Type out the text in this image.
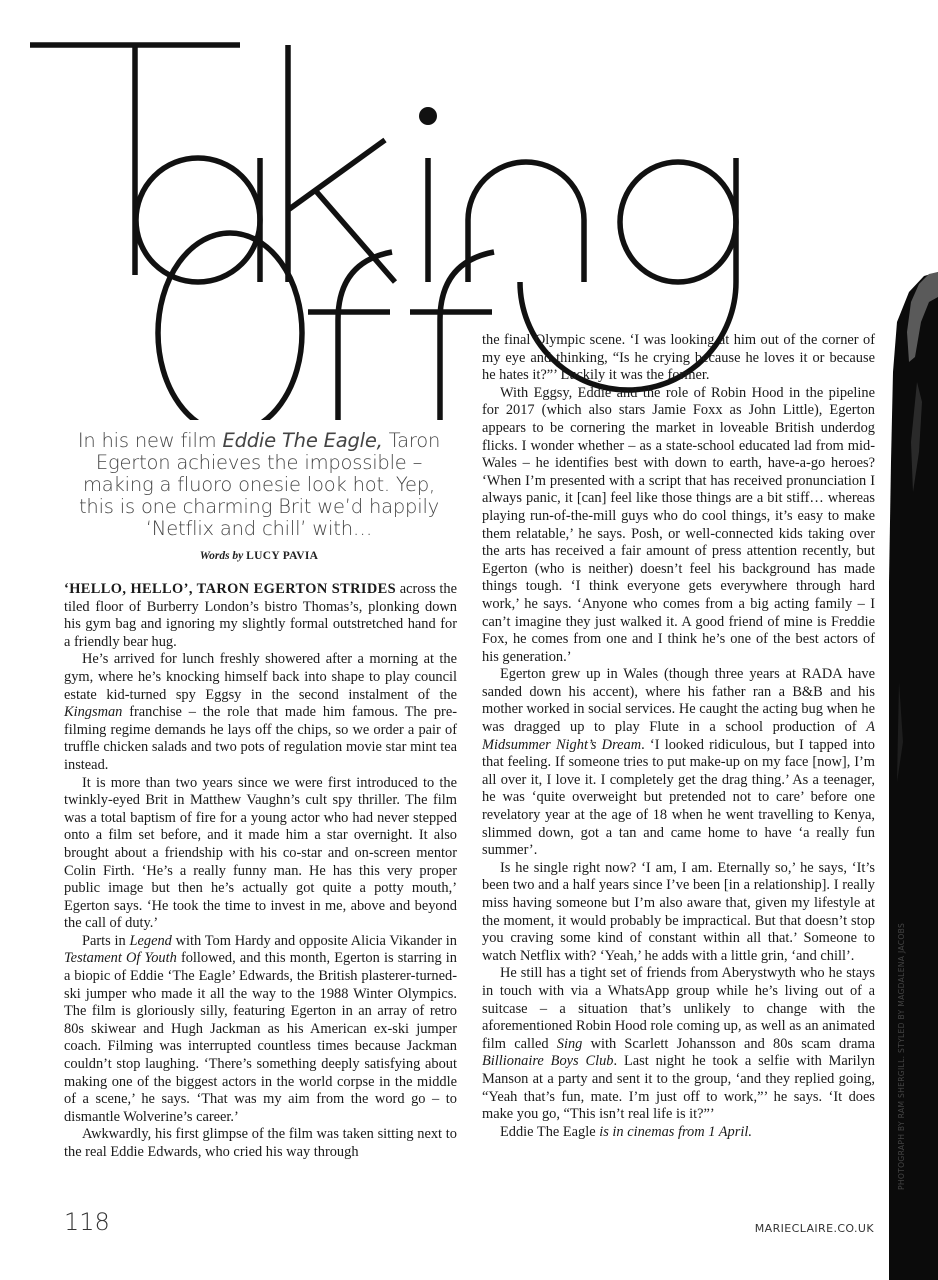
In his new film Eddie The Eagle, Taron Egerton achieves the impossible – making a fluoro onesie look hot. Yep, this is one charming Brit we’d happily ‘Netflix and chill’ with…
Words by LUCY PAVIA

‘HELLO, HELLO’, TARON EGERTON STRIDES across the tiled floor of Burberry London’s bistro Thomas’s, plonking down his gym bag and ignoring my slightly formal outstretched hand for a friendly bear hug.

He’s arrived for lunch freshly showered after a morning at the gym, where he’s knocking himself back into shape to play council estate kid-turned spy Eggsy in the second instalment of the Kingsman franchise – the role that made him famous. The pre-filming regime demands he lays off the chips, so we order a pair of truffle chicken salads and two pots of regulation movie star mint tea instead.

It is more than two years since we were first introduced to the twinkly-eyed Brit in Matthew Vaughn’s cult spy thriller. The film was a total baptism of fire for a young actor who had never stepped onto a film set before, and it made him a star overnight. It also brought about a friendship with his co-star and on-screen mentor Colin Firth. ‘He’s a really funny man. He has this very proper public image but then he’s actually got quite a potty mouth,’ Egerton says. ‘He took the time to invest in me, above and beyond the call of duty.’

Parts in Legend with Tom Hardy and opposite Alicia Vikander in Testament Of Youth followed, and this month, Egerton is starring in a biopic of Eddie ‘The Eagle’ Edwards, the British plasterer-turned-ski jumper who made it all the way to the 1988 Winter Olympics. The film is gloriously silly, featuring Egerton in an array of retro 80s skiwear and Hugh Jackman as his American ex-ski jumper coach. Filming was interrupted countless times because Jackman couldn’t stop laughing. ‘There’s something deeply satisfying about making one of the biggest actors in the world corpse in the middle of a scene,’ he says. ‘That was my aim from the word go – to dismantle Wolverine’s career.’

Awkwardly, his first glimpse of the film was taken sitting next to the real Eddie Edwards, who cried his way through

the final Olympic scene. ‘I was looking at him out of the corner of my eye and thinking, “Is he crying because he loves it or because he hates it?”’ Luckily it was the former.

With Eggsy, Eddie and the role of Robin Hood in the pipeline for 2017 (which also stars Jamie Foxx as John Little), Egerton appears to be cornering the market in loveable British underdog flicks. I wonder whether – as a state-school educated lad from mid-Wales – he identifies best with down to earth, have-a-go heroes? ‘When I’m presented with a script that has received pronunciation I always panic, it [can] feel like those things are a bit stiff… whereas playing run-of-the-mill guys who do cool things, it’s easy to make them relatable,’ he says. Posh, or well-connected kids taking over the arts has received a fair amount of press attention recently, but Egerton (who is neither) doesn’t feel his background has made things tough. ‘I think everyone gets everywhere through hard work,’ he says. ‘Anyone who comes from a big acting family – I can’t imagine they just walked it. A good friend of mine is Freddie Fox, he comes from one and I think he’s one of the best actors of his generation.’

Egerton grew up in Wales (though three years at RADA have sanded down his accent), where his father ran a B&B and his mother worked in social services. He caught the acting bug when he was dragged up to play Flute in a school production of A Midsummer Night’s Dream. ‘I looked ridiculous, but I tapped into that feeling. If someone tries to put make-up on my face [now], I’m all over it, I love it. I completely get the drag thing.’ As a teenager, he was ‘quite overweight but pretended not to care’ before one revelatory year at the age of 18 when he went travelling to Kenya, slimmed down, got a tan and came home to have ‘a really fun summer’.

Is he single right now? ‘I am, I am. Eternally so,’ he says, ‘It’s been two and a half years since I’ve been [in a relationship]. I really miss having someone but I’m also aware that, given my lifestyle at the moment, it would probably be impractical. But that doesn’t stop you craving some kind of constant within all that.’ Someone to watch Netflix with? ‘Yeah,’ he adds with a little grin, ‘and chill’.

He still has a tight set of friends from Aberystwyth who he stays in touch with via a WhatsApp group while he’s living out of a suitcase – a situation that’s unlikely to change with the aforementioned Robin Hood role coming up, as well as an animated film called Sing with Scarlett Johansson and 80s scam drama Billionaire Boys Club. Last night he took a selfie with Marilyn Manson at a party and sent it to the group, ‘and they replied going, “Yeah that’s fun, mate. I’m just off to work,”’ he says. ‘It does make you go, “This isn’t real life is it?”’

Eddie The Eagle is in cinemas from 1 April.	PHOTOGRAPH BY RAM SHERGILL. STYLED BY MAGDALENA JACOBS
118	MARIECLAIRE.CO.UK
